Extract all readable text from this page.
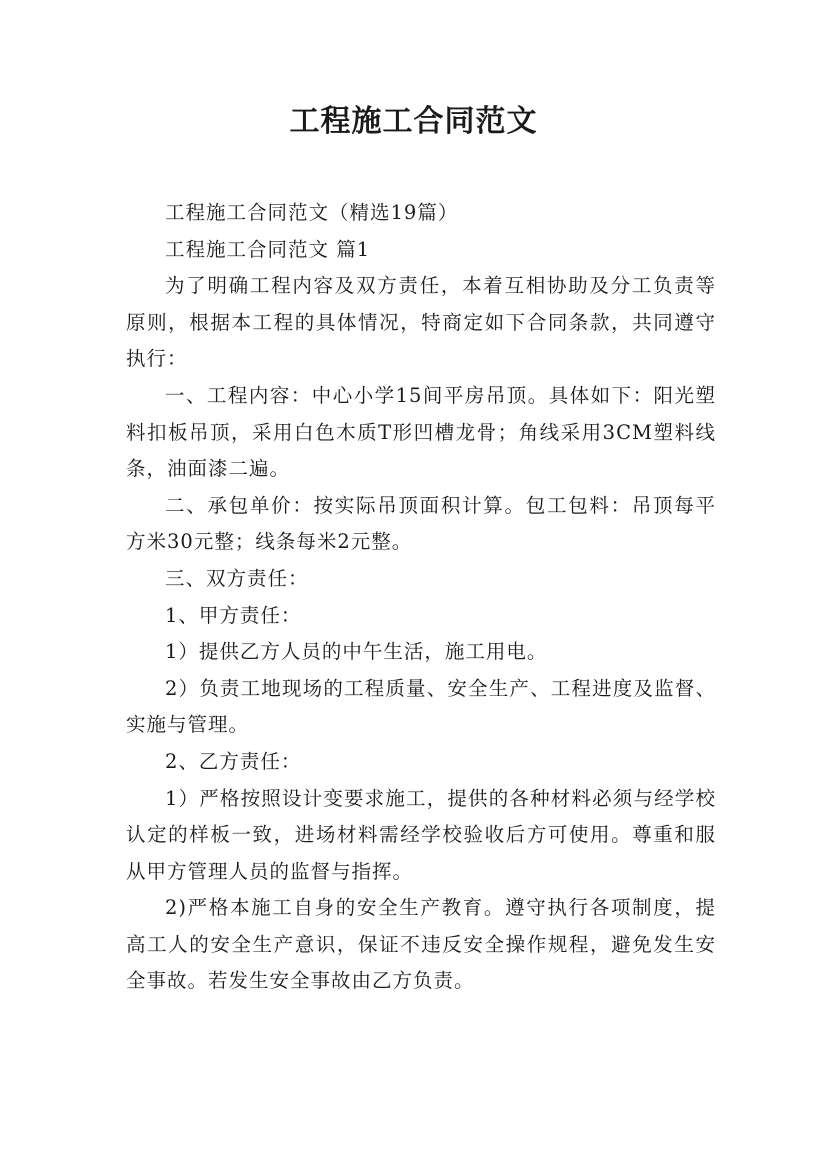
工程施工合同范文

工程施工合同范文（精选19篇）

工程施工合同范文 篇1

为了明确工程内容及双方责任，本着互相协助及分工负责等原则，根据本工程的具体情况，特商定如下合同条款，共同遵守执行：

一、工程内容：中心小学15间平房吊顶。具体如下：阳光塑料扣板吊顶，采用白色木质T形凹槽龙骨；角线采用3CM塑料线条，油面漆二遍。

二、承包单价：按实际吊顶面积计算。包工包料：吊顶每平方米30元整；线条每米2元整。

三、双方责任：

1、甲方责任：

1）提供乙方人员的中午生活，施工用电。

2）负责工地现场的工程质量、安全生产、工程进度及监督、实施与管理。

2、乙方责任：

1）严格按照设计变要求施工，提供的各种材料必须与经学校认定的样板一致，进场材料需经学校验收后方可使用。尊重和服从甲方管理人员的监督与指挥。

2)严格本施工自身的安全生产教育。遵守执行各项制度，提高工人的安全生产意识，保证不违反安全操作规程，避免发生安全事故。若发生安全事故由乙方负责。
